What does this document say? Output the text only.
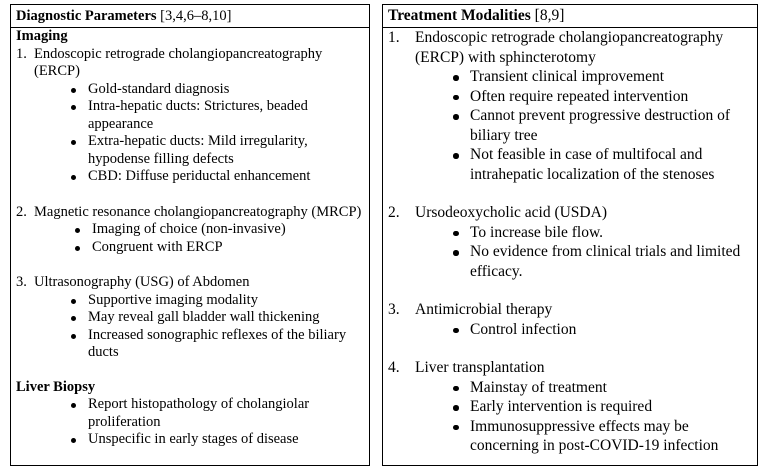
Diagnostic Parameters [3,4,6–8,10]
Imaging
1. Endoscopic retrograde cholangiopancreatography (ERCP)
Gold-standard diagnosis
Intra-hepatic ducts: Strictures, beaded appearance
Extra-hepatic ducts: Mild irregularity, hypodense filling defects
CBD: Diffuse periductal enhancement
2. Magnetic resonance cholangiopancreatography (MRCP)
Imaging of choice (non-invasive)
Congruent with ERCP
3. Ultrasonography (USG) of Abdomen
Supportive imaging modality
May reveal gall bladder wall thickening
Increased sonographic reflexes of the biliary ducts
Liver Biopsy
Report histopathology of cholangiolar proliferation
Unspecific in early stages of disease
Treatment Modalities [8,9]
1. Endoscopic retrograde cholangiopancreatography (ERCP) with sphincterotomy
Transient clinical improvement
Often require repeated intervention
Cannot prevent progressive destruction of biliary tree
Not feasible in case of multifocal and intrahepatic localization of the stenoses
2. Ursodeoxycholic acid (USDA)
To increase bile flow.
No evidence from clinical trials and limited efficacy.
3. Antimicrobial therapy
Control infection
4. Liver transplantation
Mainstay of treatment
Early intervention is required
Immunosuppressive effects may be concerning in post-COVID-19 infection
